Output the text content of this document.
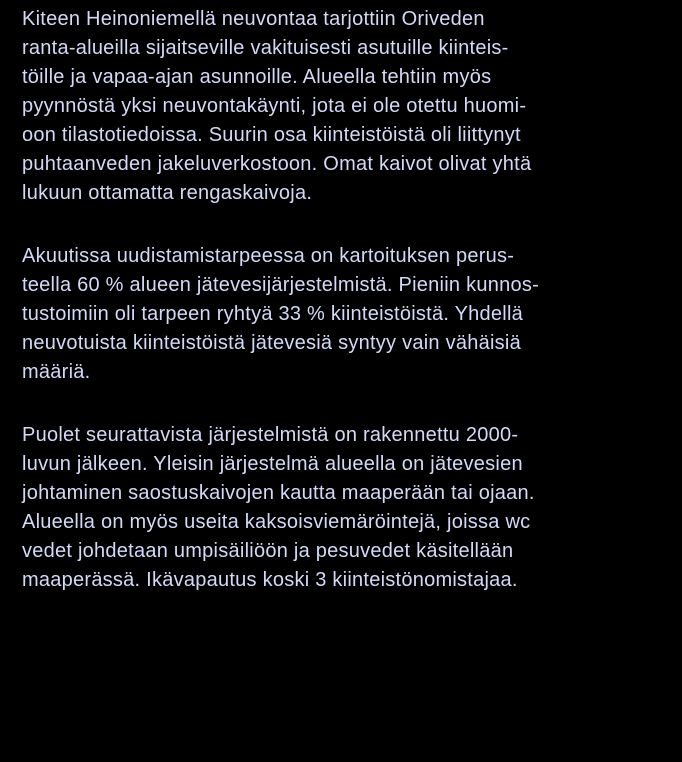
Kiteen Heinoniemellä neuvontaa tarjottiin Oriveden
ranta-alueilla sijaitseville vakituisesti asutuille kiinteis-
töille ja vapaa-ajan asunnoille. Alueella tehtiin myös
pyynnöstä yksi neuvontakäynti, jota ei ole otettu huomi-
oon tilastotiedoissa. Suurin osa kiinteistöistä oli liittynyt
puhtaanveden jakeluverkostoon. Omat kaivot olivat yhtä
lukuun ottamatta rengaskaivoja.

Akuutissa uudistamistarpeessa on kartoituksen perus-
teella 60 % alueen jätevesijärjestelmistä. Pieniin kunnos-
tustoimiin oli tarpeen ryhtyä 33 % kiinteistöistä. Yhdellä
neuvotuista kiinteistöistä jätevesiä syntyy vain vähäisiä
määriä.

Puolet seurattavista järjestelmistä on rakennettu 2000-
luvun jälkeen. Yleisin järjestelmä alueella on jätevesien
johtaminen saostuskaivojen kautta maaperään tai ojaan.
Alueella on myös useita kaksoisviemäröintejä, joissa wc
vedet johdetaan umpisäiliöön ja pesuvedet käsitellään
maaperässä. Ikävapautus koski 3 kiinteistönomistajaa.
